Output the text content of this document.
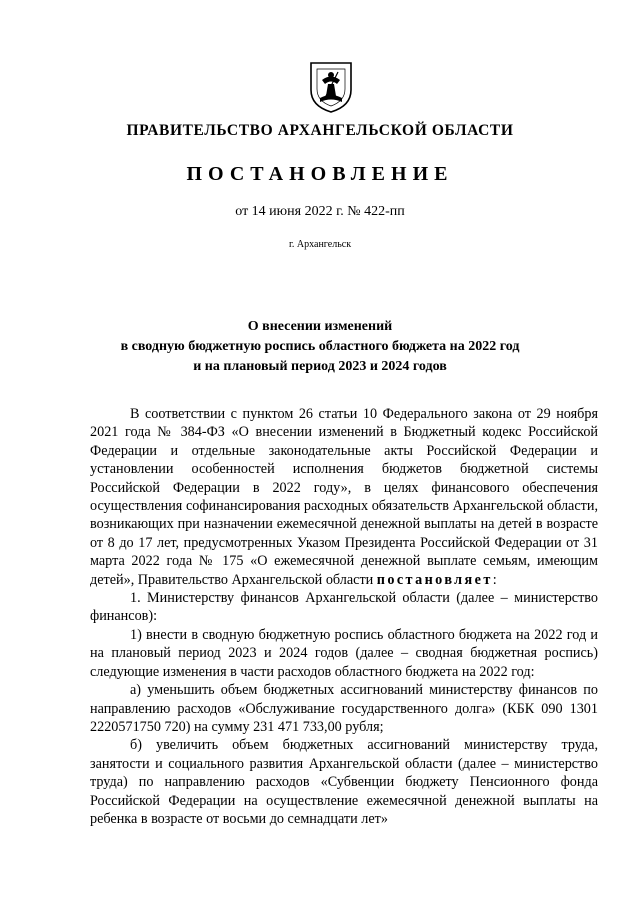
ПРАВИТЕЛЬСТВО АРХАНГЕЛЬСКОЙ ОБЛАСТИ
ПОСТАНОВЛЕНИЕ
от 14 июня 2022 г. № 422-пп
г. Архангельск
О внесении изменений
в сводную бюджетную роспись областного бюджета на 2022 год
и на плановый период 2023 и 2024 годов

В соответствии с пунктом 26 статьи 10 Федерального закона от 29 ноября 2021 года № 384-ФЗ «О внесении изменений в Бюджетный кодекс Российской Федерации и отдельные законодательные акты Российской Федерации и установлении особенностей исполнения бюджетов бюджетной системы Российской Федерации в 2022 году», в целях финансового обеспечения осуществления софинансирования расходных обязательств Архангельской области, возникающих при назначении ежемесячной денежной выплаты на детей в возрасте от 8 до 17 лет, предусмотренных Указом Президента Российской Федерации от 31 марта 2022 года № 175 «О ежемесячной денежной выплате семьям, имеющим детей», Правительство Архангельской области постановляет:

1. Министерству финансов Архангельской области (далее – министерство финансов):

1) внести в сводную бюджетную роспись областного бюджета на 2022 год и на плановый период 2023 и 2024 годов (далее – сводная бюджетная роспись) следующие изменения в части расходов областного бюджета на 2022 год:

а) уменьшить объем бюджетных ассигнований министерству финансов по направлению расходов «Обслуживание государственного долга» (КБК 090 1301 2220571750 720) на сумму 231 471 733,00 рубля;

б) увеличить объем бюджетных ассигнований министерству труда, занятости и социального развития Архангельской области (далее – министерство труда) по направлению расходов «Субвенции бюджету Пенсионного фонда Российской Федерации на осуществление ежемесячной денежной выплаты на ребенка в возрасте от восьми до семнадцати лет»
